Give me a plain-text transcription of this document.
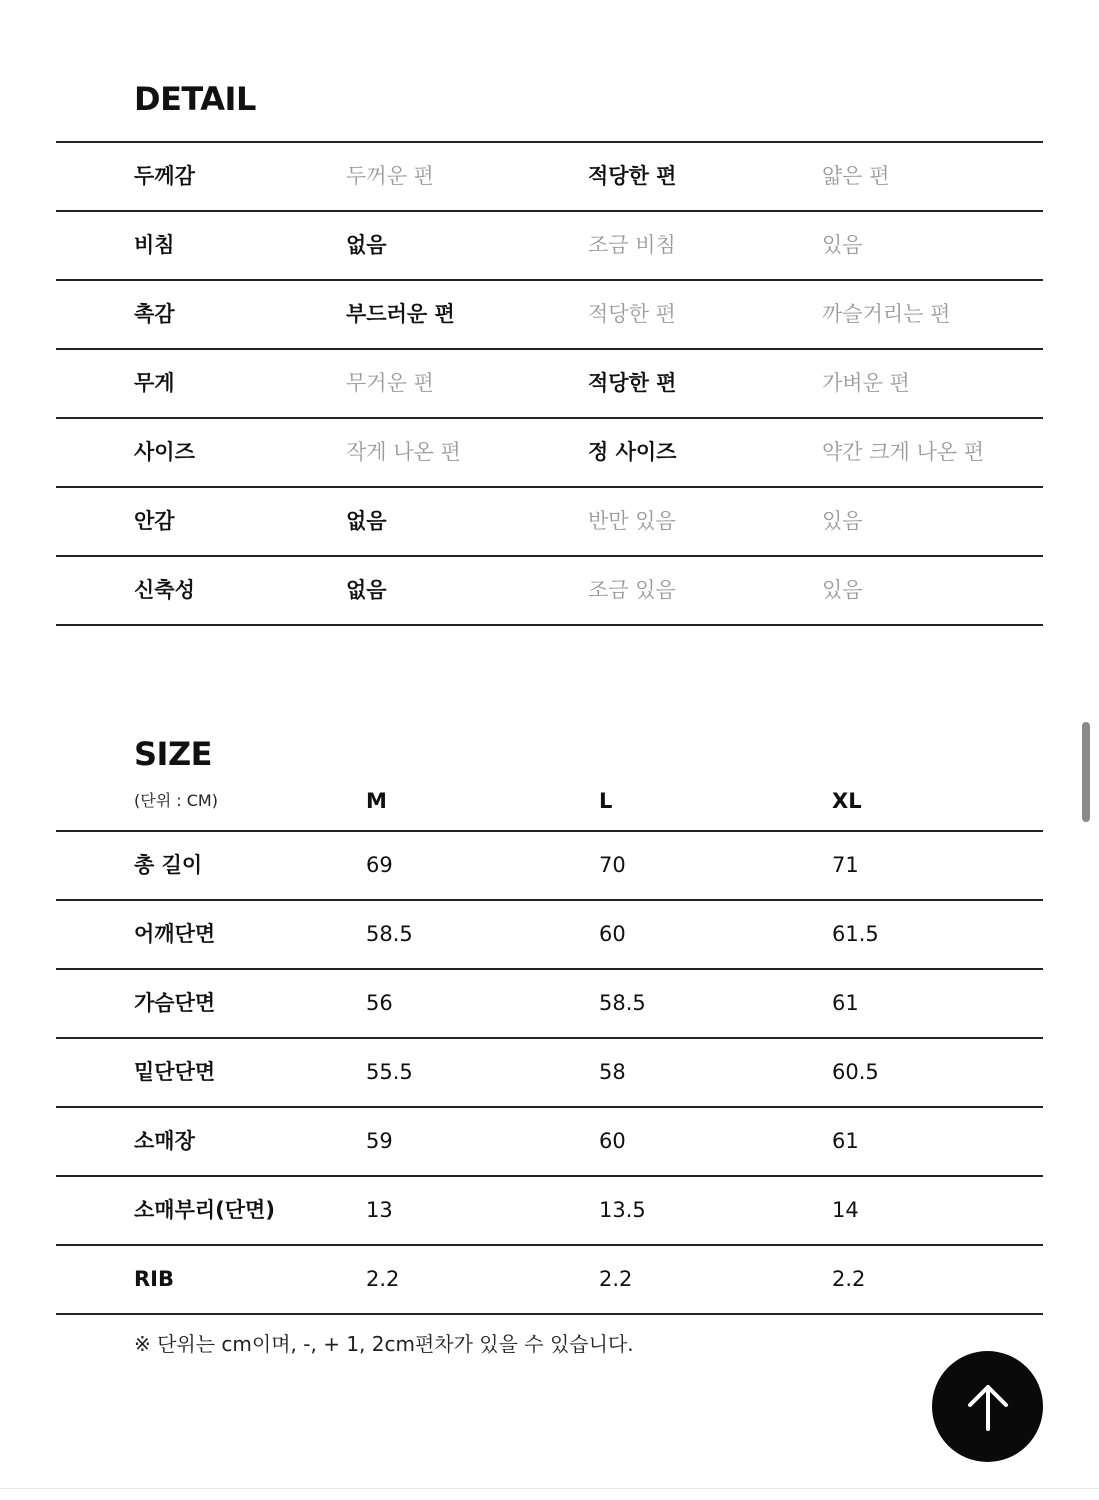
DETAIL
두께감	두꺼운 편	적당한 편	얇은 편
비침	없음	조금 비침	있음
촉감	부드러운 편	적당한 편	까슬거리는 편
무게	무거운 편	적당한 편	가벼운 편
사이즈	작게 나온 편	정 사이즈	약간 크게 나온 편
안감	없음	반만 있음	있음
신축성	없음	조금 있음	있음
SIZE
(단위 : CM)	M	L	XL
총 길이	69	70	71
어깨단면	58.5	60	61.5
가슴단면	56	58.5	61
밑단단면	55.5	58	60.5
소매장	59	60	61
소매부리(단면)	13	13.5	14
RIB	2.2	2.2	2.2
※ 단위는 cm이며, -, + 1, 2cm편차가 있을 수 있습니다.
